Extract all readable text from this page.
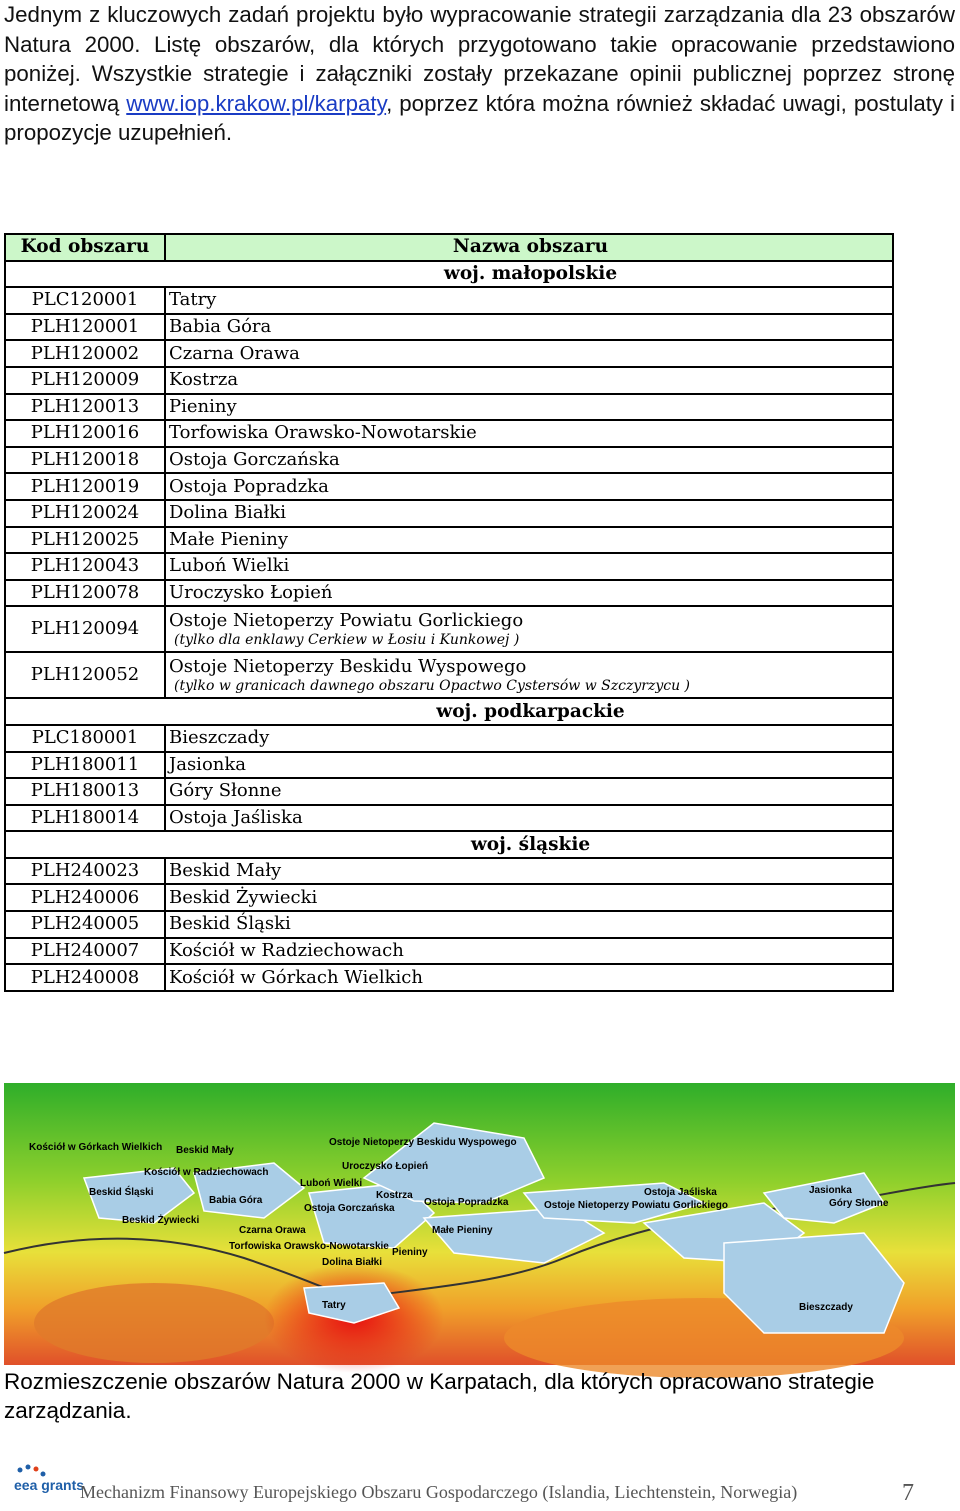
Jednym z kluczowych zadań projektu było wypracowanie strategii zarządzania dla 23 obszarów Natura 2000. Listę obszarów, dla których przygotowano takie opracowanie przedstawiono poniżej. Wszystkie strategie i załączniki zostały przekazane opinii publicznej poprzez stronę internetową www.iop.krakow.pl/karpaty, poprzez która można również składać uwagi, postulaty i propozycje uzupełnień.
Kod obszaru	Nazwa obszaru
	woj. małopolskie
PLC120001	Tatry
PLH120001	Babia Góra
PLH120002	Czarna Orawa
PLH120009	Kostrza
PLH120013	Pieniny
PLH120016	Torfowiska Orawsko-Nowotarskie
PLH120018	Ostoja Gorczańska
PLH120019	Ostoja Popradzka
PLH120024	Dolina Białki
PLH120025	Małe Pieniny
PLH120043	Luboń Wielki
PLH120078	Uroczysko Łopień
PLH120094	Ostoje Nietoperzy Powiatu Gorlickiego
(tylko dla enklawy Cerkiew w Łosiu i Kunkowej )

PLH120052	Ostoje Nietoperzy Beskidu Wyspowego
(tylko w granicach dawnego obszaru Opactwo Cystersów w Szczyrzycu )

	woj. podkarpackie
PLC180001	Bieszczady
PLH180011	Jasionka
PLH180013	Góry Słonne
PLH180014	Ostoja Jaśliska
	woj. śląskie
PLH240023	Beskid Mały
PLH240006	Beskid Żywiecki
PLH240005	Beskid Śląski
PLH240007	Kościół w Radziechowach
PLH240008	Kościół w Górkach Wielkich
Kościół w Górkach Wielkich Beskid Mały
Kościół w Radziechowach
Beskid Śląski
Babia Góra
Beskid Żywiecki
Czarna Orawa
Torfowiska Orawsko-Nowotarskie
Tatry
Ostoje Nietoperzy Beskidu Wyspowego
Uroczysko Łopień
Luboń Wielki
Ostoja Gorczańska
Kostrza
Ostoja Popradzka	Ostoje Nietoperzy Powiatu Gorlickiego
Ostoja Jaśliska
Małe Pieniny
Pieniny
Dolina Białki
Jasionka
Góry Słonne
Bieszczady
Rozmieszczenie obszarów Natura 2000 w Karpatach, dla których opracowano strategie zarządzania.
eea grants
Mechanizm Finansowy Europejskiego Obszaru Gospodarczego (Islandia, Liechtenstein, Norwegia)	7
